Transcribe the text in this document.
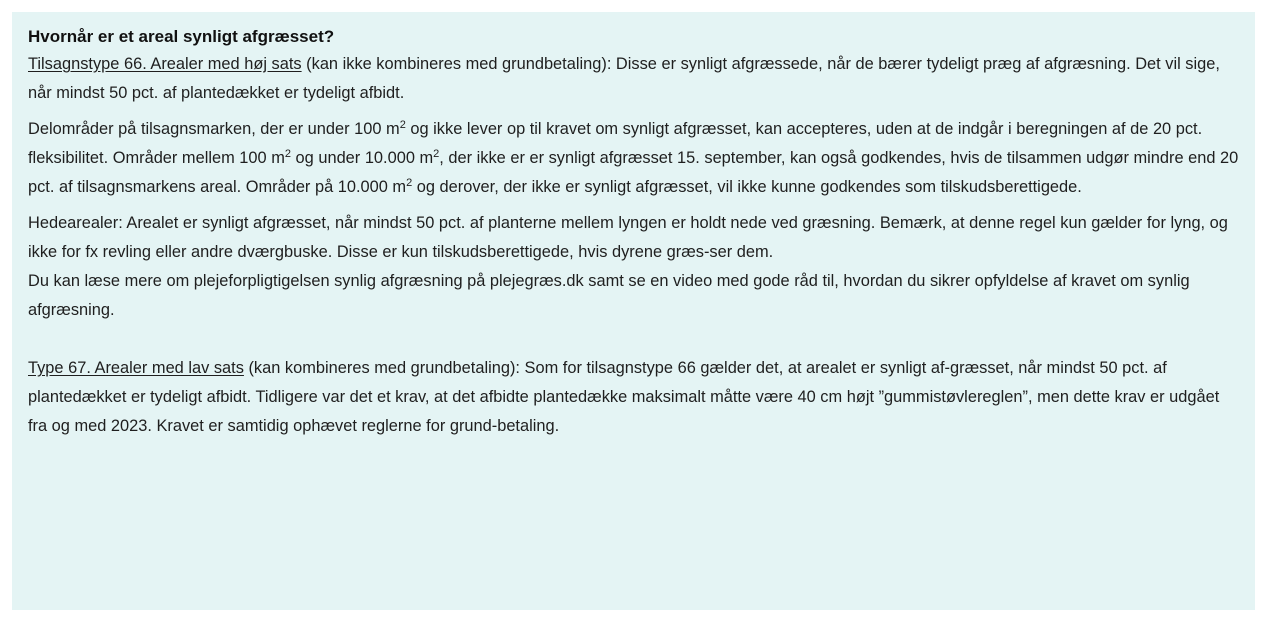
Hvornår er et areal synligt afgræsset?

Tilsagnstype 66. Arealer med høj sats (kan ikke kombineres med grundbetaling): Disse er synligt afgræssede, når de bærer tydeligt præg af afgræsning. Det vil sige, når mindst 50 pct. af plantedækket er tydeligt afbidt.

Delområder på tilsagnsmarken, der er under 100 $m^2$ og ikke lever op til kravet om synligt afgræsset, kan accepteres, uden at de indgår i beregningen af de 20 pct. fleksibilitet. Områder mellem 100 $m^2$ og under 10.000 $m^2$, der ikke er er synligt afgræsset 15. september, kan også godkendes, hvis de tilsammen udgør mindre end 20 pct. af tilsagnsmarkens areal. Områder på 10.000 $m^2$ og derover, der ikke er synligt afgræsset, vil ikke kunne godkendes som tilskudsberettigede.

Hedearealer: Arealet er synligt afgræsset, når mindst 50 pct. af planterne mellem lyngen er holdt nede ved græsning. Bemærk, at denne regel kun gælder for lyng, og ikke for fx revling eller andre dværgbuske. Disse er kun tilskudsberettigede, hvis dyrene græs-ser dem.

Du kan læse mere om plejeforpligtigelsen synlig afgræsning på plejegræs.dk samt se en video med gode råd til, hvordan du sikrer opfyldelse af kravet om synlig afgræsning.

Type 67. Arealer med lav sats (kan kombineres med grundbetaling): Som for tilsagnstype 66 gælder det, at arealet er synligt af-græsset, når mindst 50 pct. af plantedækket er tydeligt afbidt. Tidligere var det et krav, at det afbidte plantedække maksimalt måtte være 40 cm højt ”gummistøvlereglen”, men dette krav er udgået fra og med 2023. Kravet er samtidig ophævet reglerne for grund-betaling.
